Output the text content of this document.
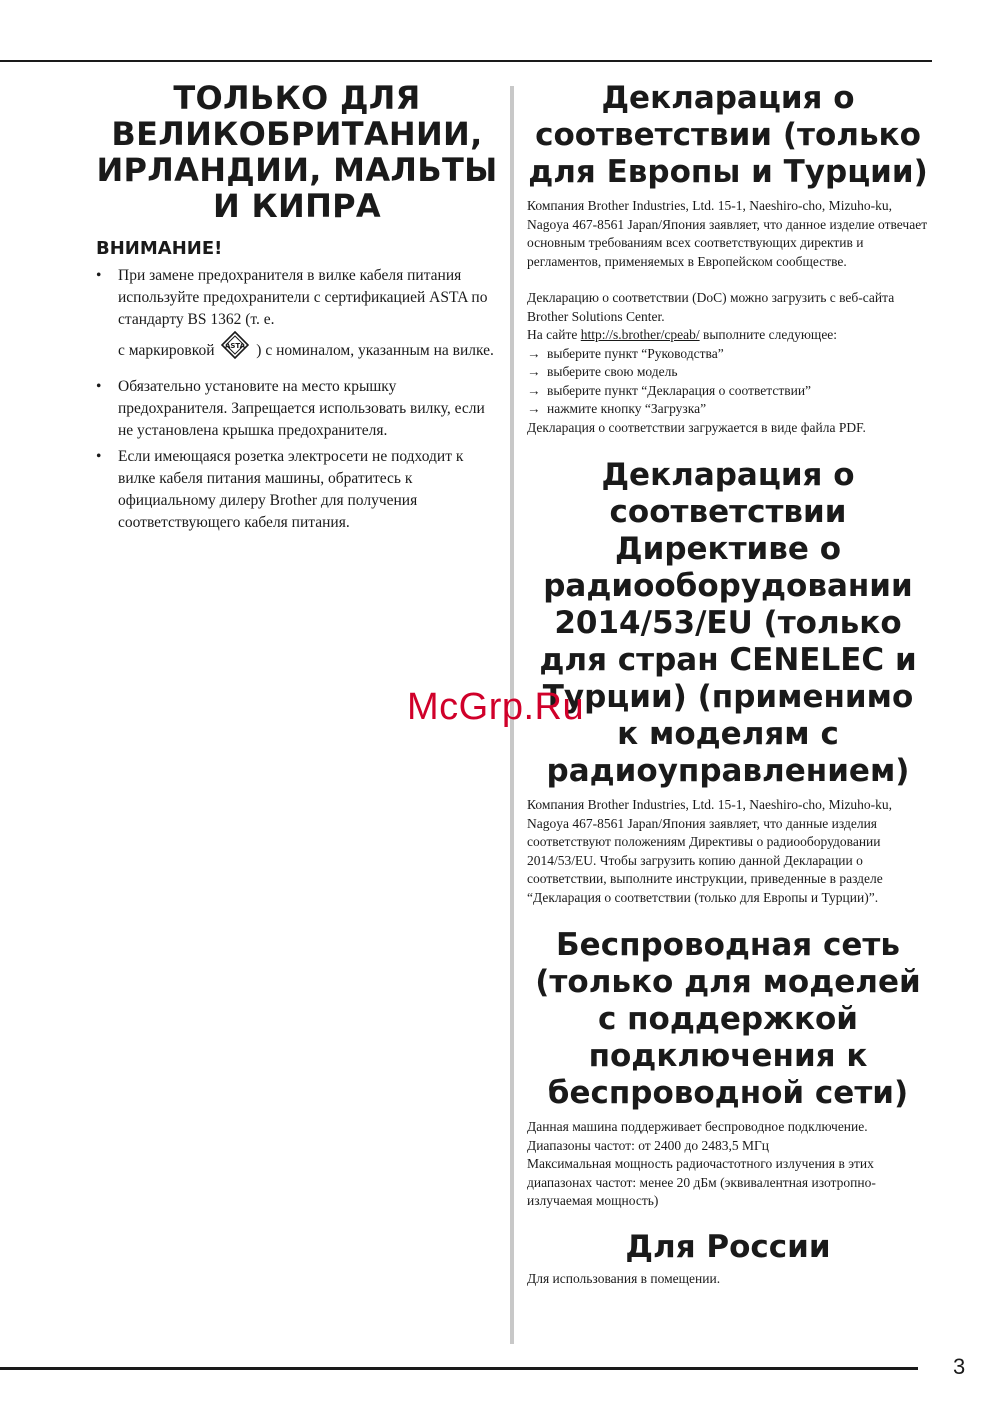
ТОЛЬКО ДЛЯ ВЕЛИКОБРИТАНИИ, ИРЛАНДИИ, МАЛЬТЫ И КИПРА
ВНИМАНИЕ!
• При замене предохранителя в вилке кабеля питания используйте предохранители с сертификацией ASTA по стандарту BS 1362 (т. е.
с маркировкой ASTA ) с номиналом, указанным на вилке.
• Обязательно установите на место крышку предохранителя. Запрещается использовать вилку, если не установлена крышка предохранителя.
• Если имеющаяся розетка электросети не подходит к вилке кабеля питания машины, обратитесь к официальному дилеру Brother для получения соответствующего кабеля питания.
Декларация о соответствии (только для Европы и Турции)

Компания Brother Industries, Ltd. 15-1, Naeshiro-cho, Mizuho-ku, Nagoya 467-8561 Japan/Япония заявляет, что данное изделие отвечает основным требованиям всех соответствующих директив и регламентов, применяемых в Европейском сообществе.

Декларацию о соответствии (DoC) можно загрузить с веб-сайта Brother Solutions Center.

На сайте http://s.brother/cpeab/ выполните следующее:

→ выберите пункт “Руководства”

→ выберите свою модель

→ выберите пункт “Декларация о соответствии”

→ нажмите кнопку “Загрузка”

Декларация о соответствии загружается в виде файла PDF.

Декларация о соответствии Директиве о радиооборудовании 2014/53/EU (только для стран CENELEC и Турции) (применимо к моделям с радиоуправлением)

Компания Brother Industries, Ltd. 15-1, Naeshiro-cho, Mizuho-ku, Nagoya 467-8561 Japan/Япония заявляет, что данные изделия соответствуют положениям Директивы о радиооборудовании 2014/53/EU. Чтобы загрузить копию данной Декларации о соответствии, выполните инструкции, приведенные в разделе “Декларация о соответствии (только для Европы и Турции)”.

Беспроводная сеть (только для моделей с поддержкой подключения к беспроводной сети)

Данная машина поддерживает беспроводное подключение.

Диапазоны частот: от 2400 до 2483,5 МГц

Максимальная мощность радиочастотного излучения в этих диапазонах частот: менее 20 дБм (эквивалентная изотропно-излучаемая мощность)

Для России

Для использования в помещении.

McGrp.Ru
3
